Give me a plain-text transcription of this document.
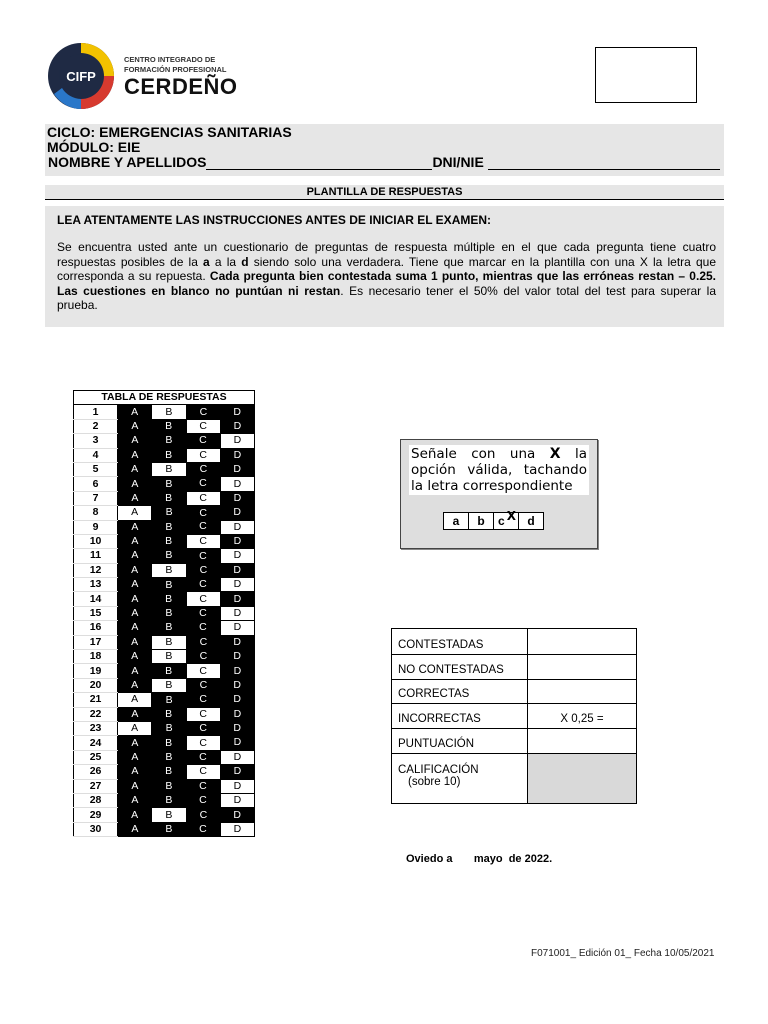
CIFP
CENTRO INTEGRADO DE
FORMACIÓN PROFESIONAL
CERDEÑO
CICLO: EMERGENCIAS SANITARIAS
MÓDULO: EIE
NOMBRE Y APELLIDOS	DNI/NIE
PLANTILLA DE RESPUESTAS
LEA ATENTAMENTE LAS INSTRUCCIONES ANTES DE INICIAR EL EXAMEN:
Se encuentra usted ante un cuestionario de preguntas de respuesta múltiple en el que cada pregunta tiene cuatro respuestas posibles de la a a la d siendo solo una verdadera. Tiene que marcar en la plantilla con una X la letra que corresponda a su repuesta. Cada pregunta bien contestada suma 1 punto, mientras que las erróneas restan – 0.25. Las cuestiones en blanco no puntúan ni restan. Es necesario tener el 50% del valor total del test para superar la prueba.
TABLA DE RESPUESTAS				
1	A	B	C	D
2	A	B	C	D
3	A	B	C	D
4	A	B	C	D
5	A	B	C	D
6	A	B	C	D
7	A	B	C	D
8	A	B	C	D
9	A	B	C	D
10	A	B	C	D
11	A	B	C	D
12	A	B	C	D
13	A	B	C	D
14	A	B	C	D
15	A	B	C	D
16	A	B	C	D
17	A	B	C	D
18	A	B	C	D
19	A	B	C	D
20	A	B	C	D
21	A	B	C	D
22	A	B	C	D
23	A	B	C	D
24	A	B	C	D
25	A	B	C	D
26	A	B	C	D
27	A	B	C	D
28	A	B	C	D
29	A	B	C	D
30	A	B	C	D
Señale con una X la opción válida, tachando la letra correspondiente
a	b	c X d
CONTESTADAS	
NO CONTESTADAS	
CORRECTAS	
INCORRECTAS	X 0,25 =
PUNTUACIÓN	

CALIFICACIÓN
(sobre 10)	

Oviedo a       mayo  de 2022.
F071001_ Edición 01_ Fecha 10/05/2021
